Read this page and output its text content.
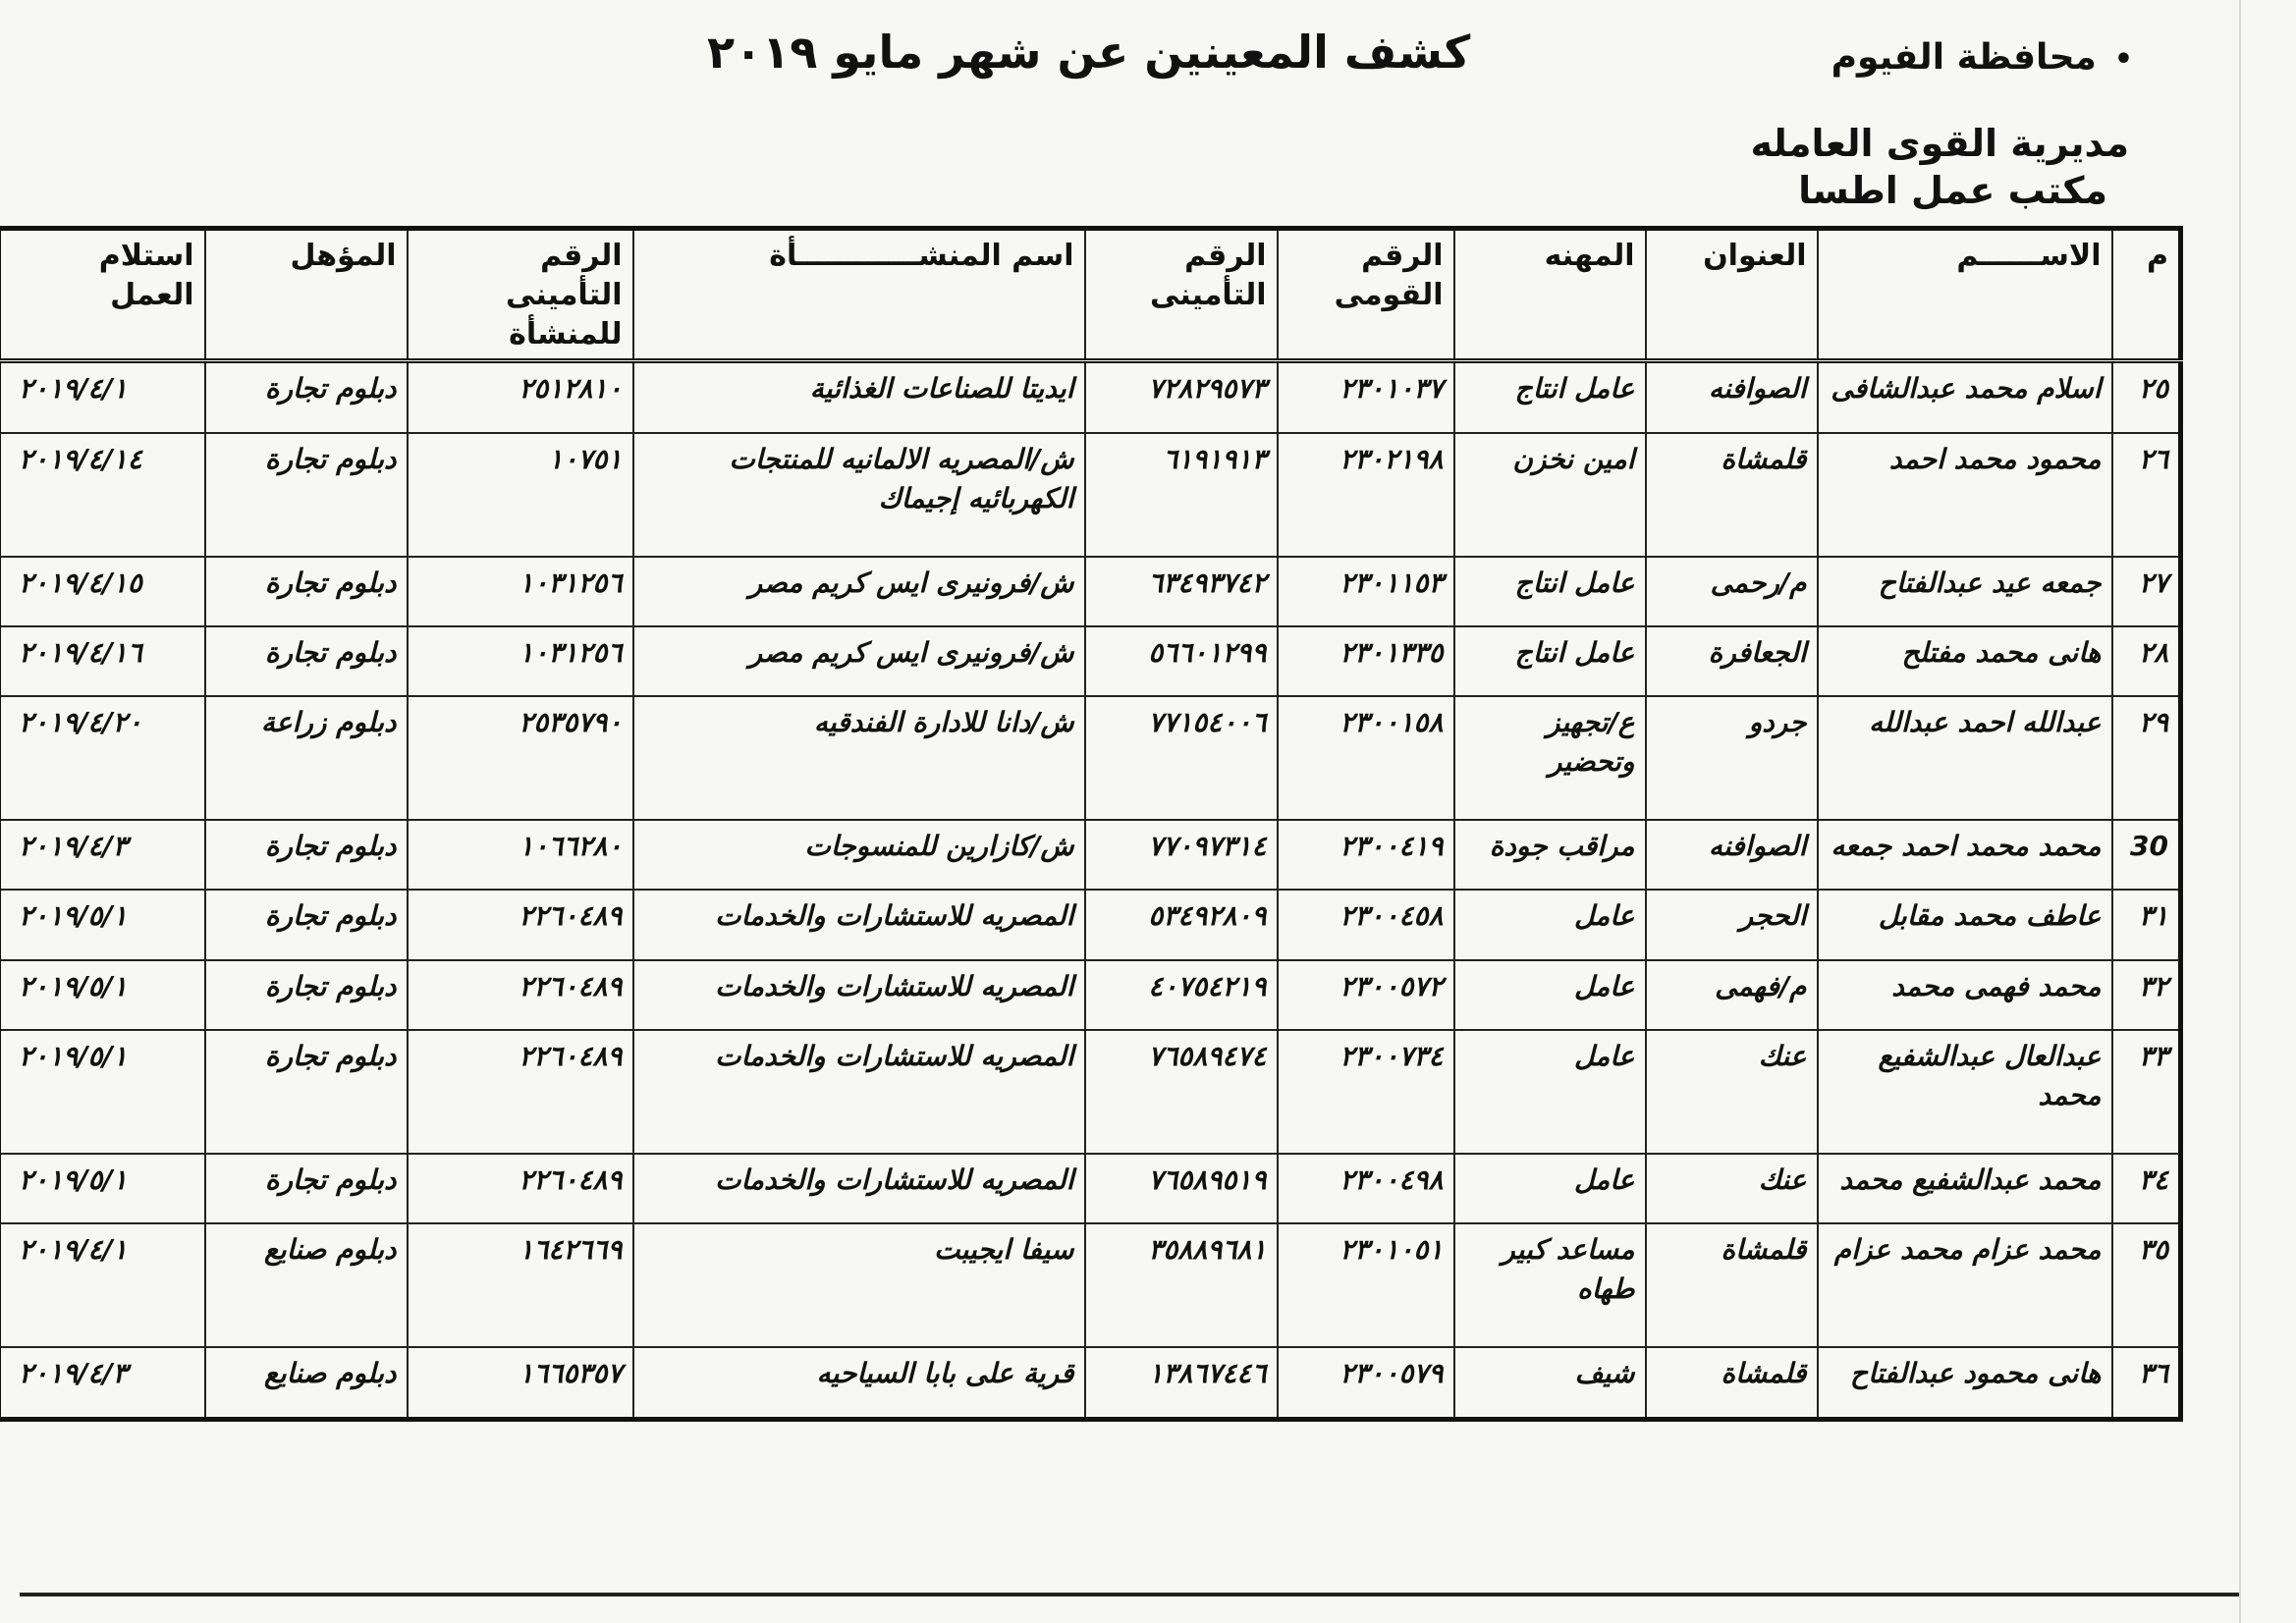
• محافظة الفيوم
كشف المعينين عن شهر مايو ٢٠١٩
مديرية القوى العامله
مكتب عمل اطسا
م	الاســــــم	العنوان	المهنه	الرقم القومى	الرقم التأمينى	اسم المنشــــــــــــأة	الرقم التأمينى للمنشأة	المؤهل	استلام العمل
٢٥	اسلام محمد عبدالشافى	الصوافنه	عامل انتاج	٢٣٠١٠٣٧	٧٢٨٢٩٥٧٣	ايديتا للصناعات الغذائية	٢٥١٢٨١٠	دبلوم تجارة	٢٠١٩/٤/١
٢٦	محمود محمد احمد	قلمشاة	امين نخزن	٢٣٠٢١٩٨	٦١٩١٩١٣	ش/المصريه الالمانيه للمنتجات الكهربائيه إجيماك	١٠٧٥١	دبلوم تجارة	٢٠١٩/٤/١٤
٢٧	جمعه عيد عبدالفتاح	م/رحمى	عامل انتاج	٢٣٠١١٥٣	٦٣٤٩٣٧٤٢	ش/فرونيرى ايس كريم مصر	١٠٣١٢٥٦	دبلوم تجارة	٢٠١٩/٤/١٥
٢٨	هانى محمد مفتلح	الجعافرة	عامل انتاج	٢٣٠١٣٣٥	٥٦٦٠١٢٩٩	ش/فرونيرى ايس كريم مصر	١٠٣١٢٥٦	دبلوم تجارة	٢٠١٩/٤/١٦
٢٩	عبدالله احمد عبدالله	جردو	ع/تجهيز وتحضير	٢٣٠٠١٥٨	٧٧١٥٤٠٠٦	ش/دانا للادارة الفندقيه	٢٥٣٥٧٩٠	دبلوم زراعة	٢٠١٩/٤/٢٠
30	محمد محمد احمد جمعه	الصوافنه	مراقب جودة	٢٣٠٠٤١٩	٧٧٠٩٧٣١٤	ش/كازارين للمنسوجات	١٠٦٦٢٨٠	دبلوم تجارة	٢٠١٩/٤/٣
٣١	عاطف محمد مقابل	الحجر	عامل	٢٣٠٠٤٥٨	٥٣٤٩٢٨٠٩	المصريه للاستشارات والخدمات	٢٢٦٠٤٨٩	دبلوم تجارة	٢٠١٩/٥/١
٣٢	محمد فهمى محمد	م/فهمى	عامل	٢٣٠٠٥٧٢	٤٠٧٥٤٢١٩	المصريه للاستشارات والخدمات	٢٢٦٠٤٨٩	دبلوم تجارة	٢٠١٩/٥/١
٣٣	عبدالعال عبدالشفيع محمد	عنك	عامل	٢٣٠٠٧٣٤	٧٦٥٨٩٤٧٤	المصريه للاستشارات والخدمات	٢٢٦٠٤٨٩	دبلوم تجارة	٢٠١٩/٥/١
٣٤	محمد عبدالشفيع محمد	عنك	عامل	٢٣٠٠٤٩٨	٧٦٥٨٩٥١٩	المصريه للاستشارات والخدمات	٢٢٦٠٤٨٩	دبلوم تجارة	٢٠١٩/٥/١
٣٥	محمد عزام محمد عزام	قلمشاة	مساعد كبير طهاه	٢٣٠١٠٥١	٣٥٨٨٩٦٨١	سيفا ايجيبت	١٦٤٢٦٦٩	دبلوم صنايع	٢٠١٩/٤/١
٣٦	هانى محمود عبدالفتاح	قلمشاة	شيف	٢٣٠٠٥٧٩	١٣٨٦٧٤٤٦	قرية على بابا السياحيه	١٦٦٥٣٥٧	دبلوم صنايع	٢٠١٩/٤/٣
